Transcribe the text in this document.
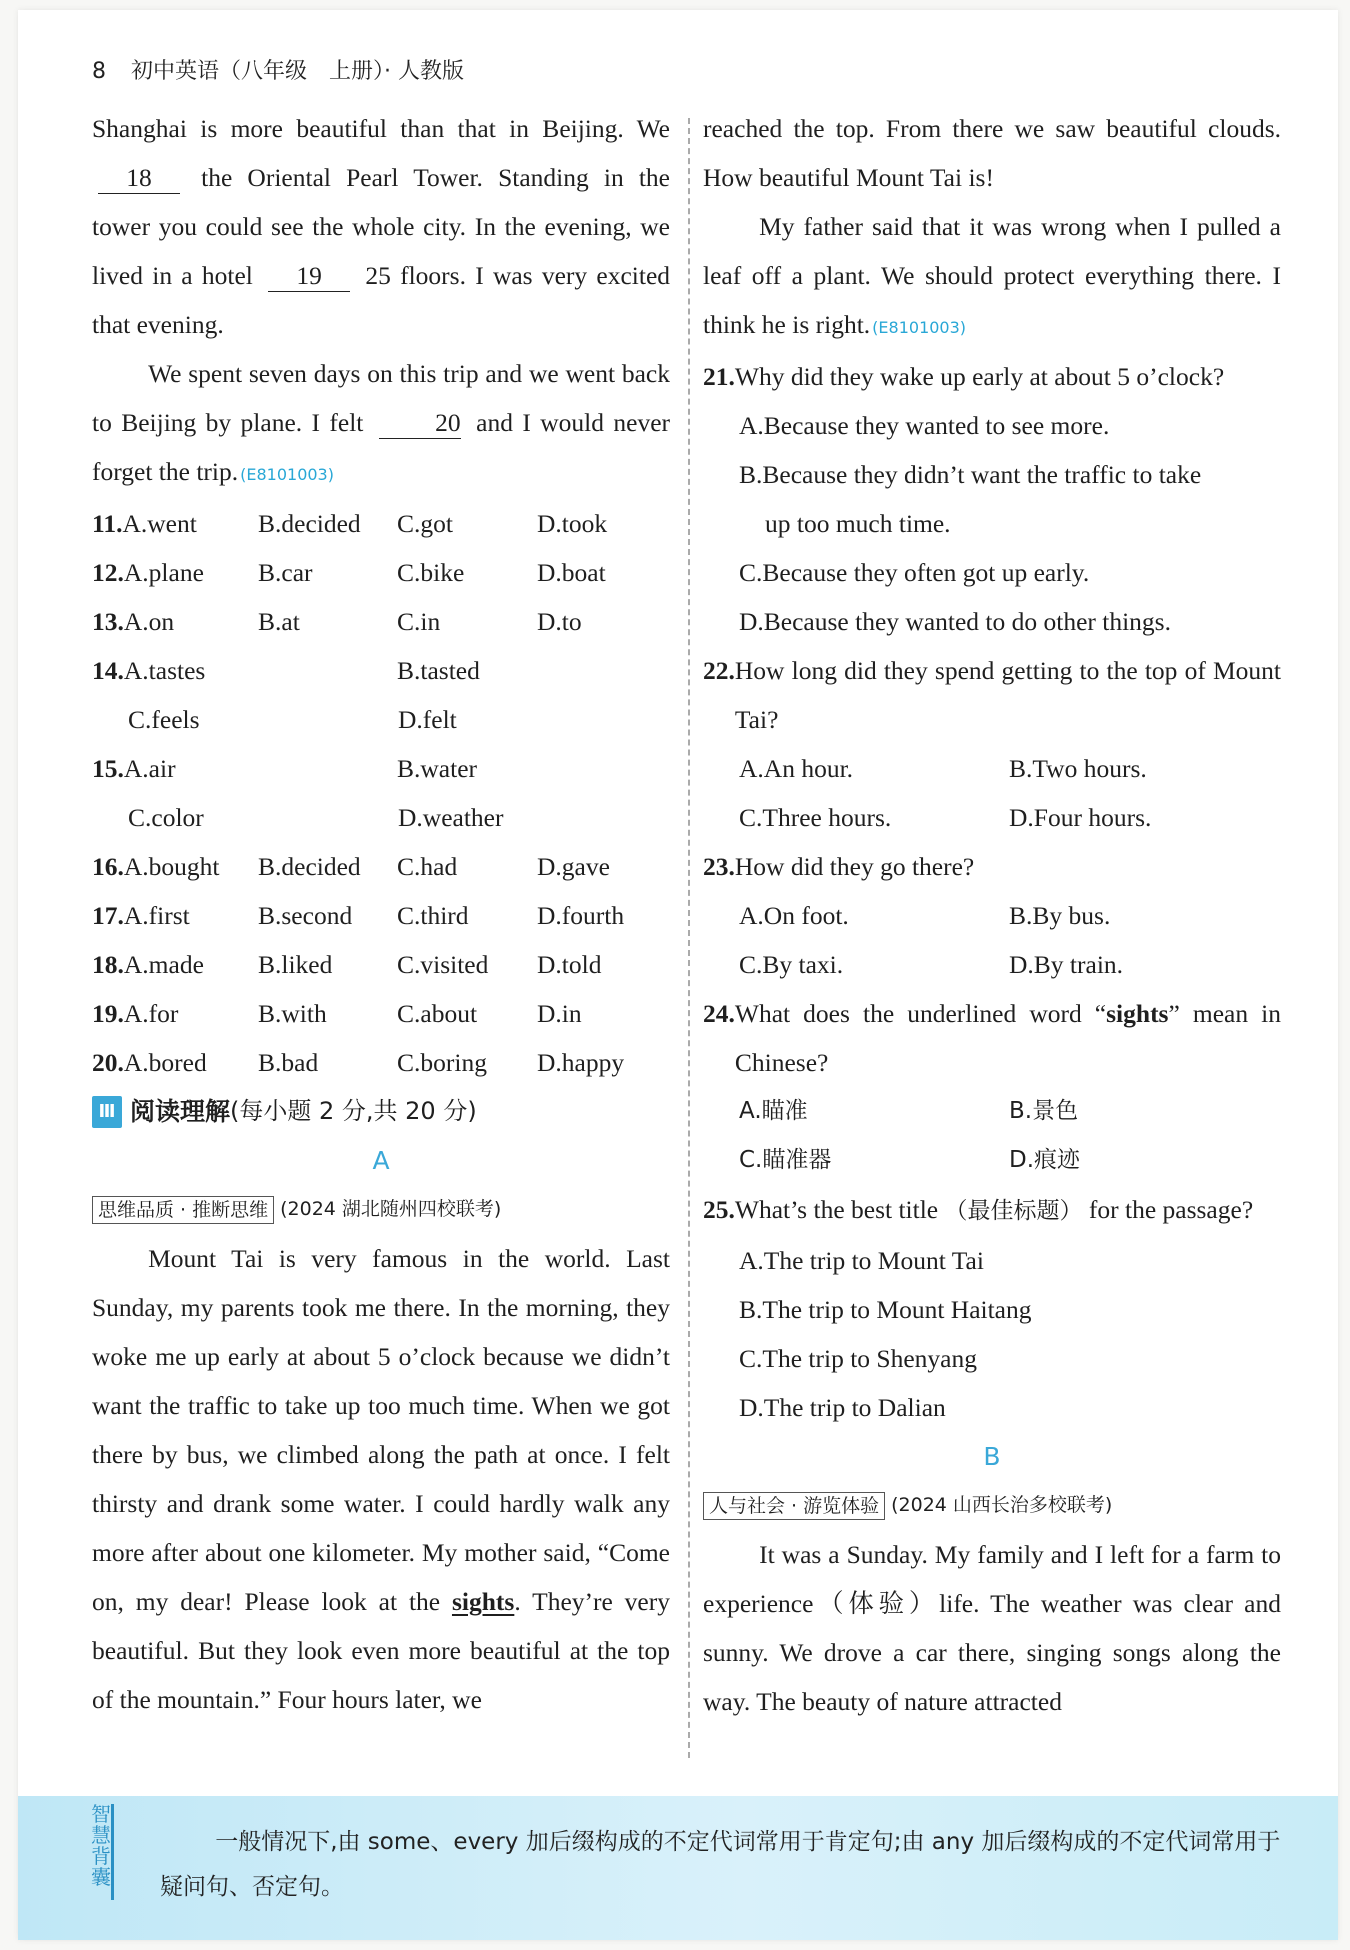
8 初中英语（八年级　上册）· 人教版

Shanghai is more beautiful than that in Beijing. We 18 the Oriental Pearl Tower. Standing in the tower you could see the whole city. In the evening, we lived in a hotel 19 25 floors. I was very excited that evening.

We spent seven days on this trip and we went back to Beijing by plane. I felt	20 and I would never forget the trip. (E8101003)

11.A.went	B.decided	C.got	D.took
12.A.plane	B.car	C.bike	D.boat
13.A.on	B.at	C.in	D.to
14.A.tastes	B.tasted
C.feels	D.felt
15.A.air	B.water
C.color	D.weather
16.A.bought	B.decided	C.had	D.gave
17.A.first	B.second	C.third	D.fourth
18.A.made	B.liked	C.visited	D.told
19.A.for	B.with	C.about	D.in
20.A.bored	B.bad	C.boring	D.happy
Ⅲ 阅读理解 (每小题 2 分,共 20 分)
A
思维品质 · 推断思维 (2024 湖北随州四校联考)

Mount Tai is very famous in the world. Last Sunday, my parents took me there. In the morning, they woke me up early at about 5 o’clock because we didn’t want the traffic to take up too much time. When we got there by bus, we climbed along the path at once. I felt thirsty and drank some water. I could hardly walk any more after about one kilometer. My mother said, “Come on, my dear! Please look at the sights. They’re very beautiful. But they look even more beautiful at the top of the mountain.” Four hours later, we

reached the top. From there we saw beautiful clouds. How beautiful Mount Tai is!

My father said that it was wrong when I pulled a leaf off a plant. We should protect everything there. I think he is right. (E8101003)

21. Why did they wake up early at about 5 o’clock?
A.Because they wanted to see more.
B.Because they didn’t want the traffic to take
up too much time.
C.Because they often got up early.
D.Because they wanted to do other things.
22. How long did they spend getting to the top of Mount Tai?
A.An hour.	B.Two hours.
C.Three hours.	D.Four hours.
23. How did they go there?
A.On foot.	B.By bus.
C.By taxi.	D.By train.
24. What does the underlined word “sights” mean in Chinese?
A.瞄准	B.景色
C.瞄准器	D.痕迹
25. What’s the best title （最佳标题） for the passage?
A.The trip to Mount Tai
B.The trip to Mount Haitang
C.The trip to Shenyang
D.The trip to Dalian
B
人与社会 · 游览体验 (2024 山西长治多校联考)

It was a Sunday. My family and I left for a farm to experience（体验）life. The weather was clear and sunny. We drove a car there, singing songs along the way. The beauty of nature attracted

智慧背囊
一般情况下,由 some、every 加后缀构成的不定代词常用于肯定句;由 any 加后缀构成的不定代词常用于疑问句、否定句。
